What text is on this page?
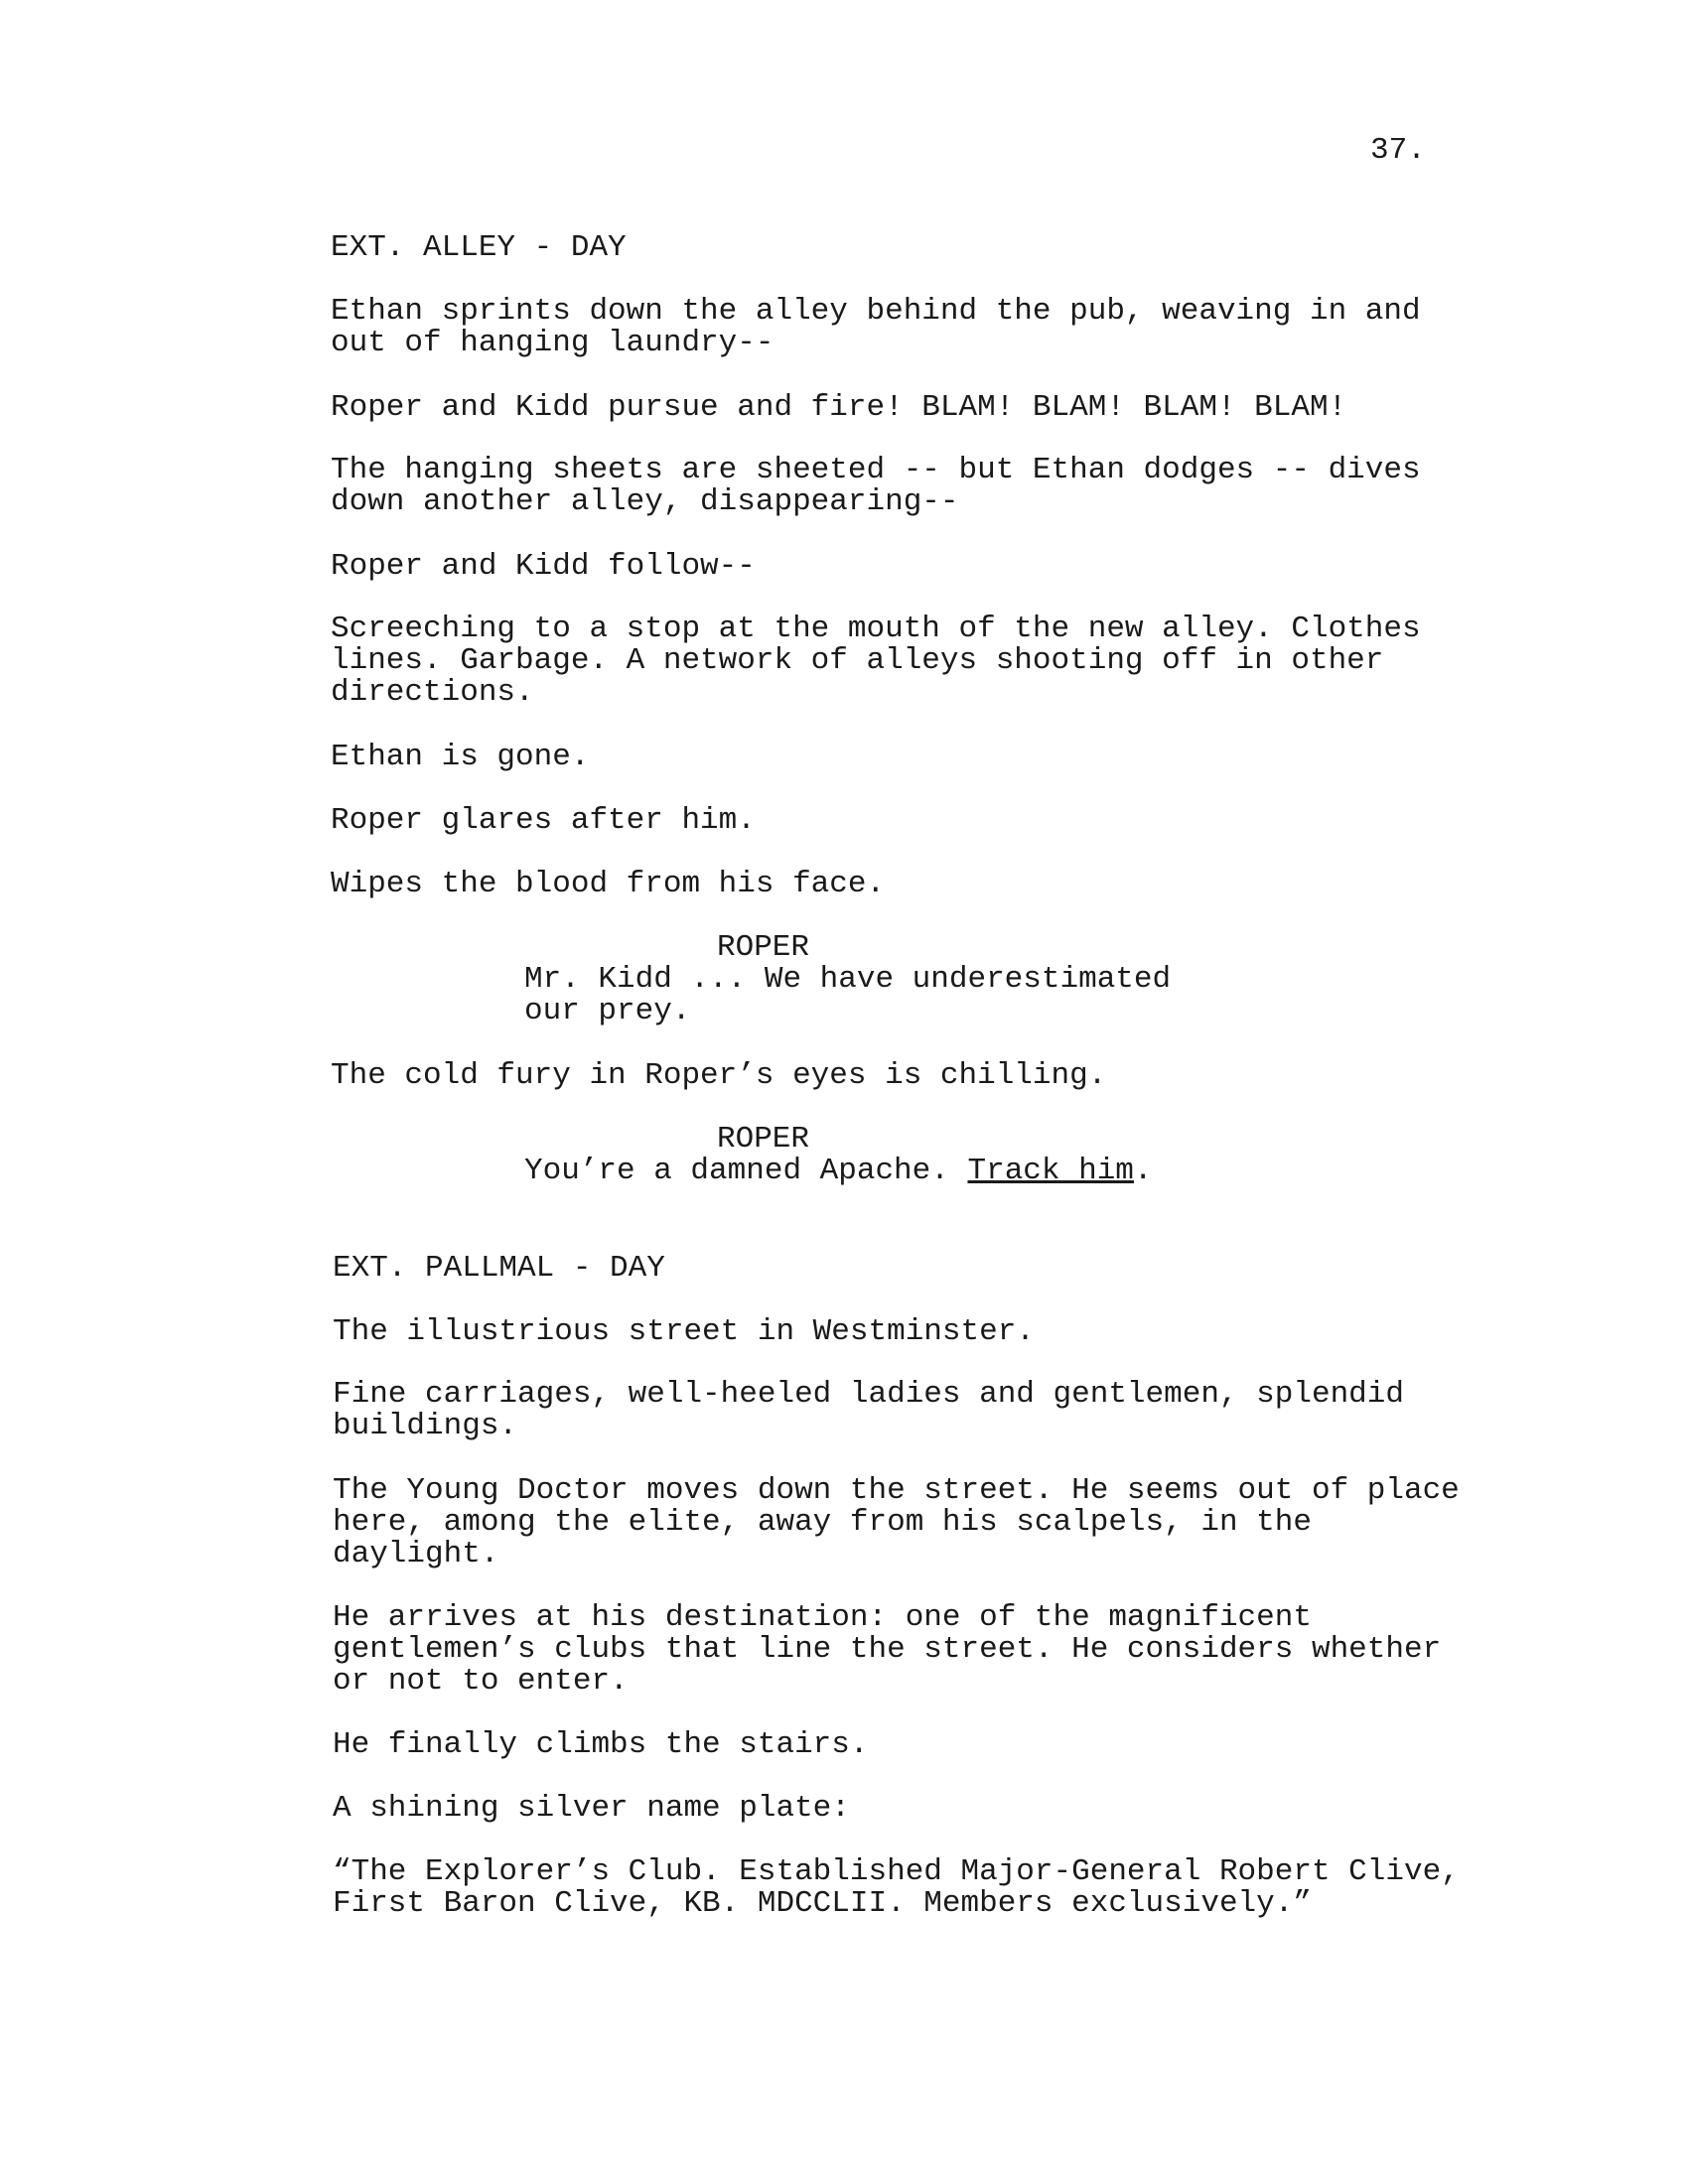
37.
EXT. ALLEY - DAY
Ethan sprints down the alley behind the pub, weaving in and
out of hanging laundry--
Roper and Kidd pursue and fire! BLAM! BLAM! BLAM! BLAM!
The hanging sheets are sheeted -- but Ethan dodges -- dives
down another alley, disappearing--
Roper and Kidd follow--
Screeching to a stop at the mouth of the new alley. Clothes
lines. Garbage. A network of alleys shooting off in other
directions.
Ethan is gone.
Roper glares after him.
Wipes the blood from his face.
ROPER
Mr. Kidd ... We have underestimated
our prey.
The cold fury in Roper’s eyes is chilling.
ROPER
You’re a damned Apache. Track him.
EXT. PALLMAL - DAY
The illustrious street in Westminster.
Fine carriages, well-heeled ladies and gentlemen, splendid
buildings.
The Young Doctor moves down the street. He seems out of place
here, among the elite, away from his scalpels, in the
daylight.
He arrives at his destination: one of the magnificent
gentlemen’s clubs that line the street. He considers whether
or not to enter.
He finally climbs the stairs.
A shining silver name plate:
“The Explorer’s Club. Established Major-General Robert Clive,
First Baron Clive, KB. MDCCLII. Members exclusively.”
